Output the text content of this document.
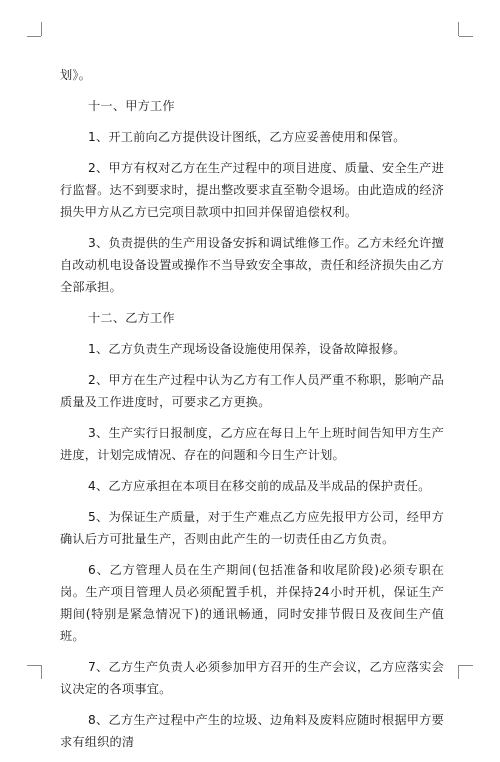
划》。

十一、甲方工作

1、开工前向乙方提供设计图纸，乙方应妥善使用和保管。

2、甲方有权对乙方在生产过程中的项目进度、质量、安全生产进行监督。达不到要求时，提出整改要求直至勒令退场。由此造成的经济损失甲方从乙方已完项目款项中扣回并保留追偿权利。

3、负责提供的生产用设备安拆和调试维修工作。乙方未经允许擅自改动机电设备设置或操作不当导致安全事故，责任和经济损失由乙方全部承担。

十二、乙方工作

1、乙方负责生产现场设备设施使用保养，设备故障报修。

2、甲方在生产过程中认为乙方有工作人员严重不称职，影响产品质量及工作进度时，可要求乙方更换。

3、生产实行日报制度，乙方应在每日上午上班时间告知甲方生产进度，计划完成情况、存在的问题和今日生产计划。

4、乙方应承担在本项目在移交前的成品及半成品的保护责任。

5、为保证生产质量，对于生产难点乙方应先报甲方公司，经甲方确认后方可批量生产，否则由此产生的一切责任由乙方负责。

6、乙方管理人员在生产期间(包括准备和收尾阶段)必须专职在岗。生产项目管理人员必须配置手机，并保持24小时开机，保证生产期间(特别是紧急情况下)的通讯畅通，同时安排节假日及夜间生产值班。

7、乙方生产负责人必须参加甲方召开的生产会议，乙方应落实会议决定的各项事宜。

8、乙方生产过程中产生的垃圾、边角料及废料应随时根据甲方要求有组织的清
